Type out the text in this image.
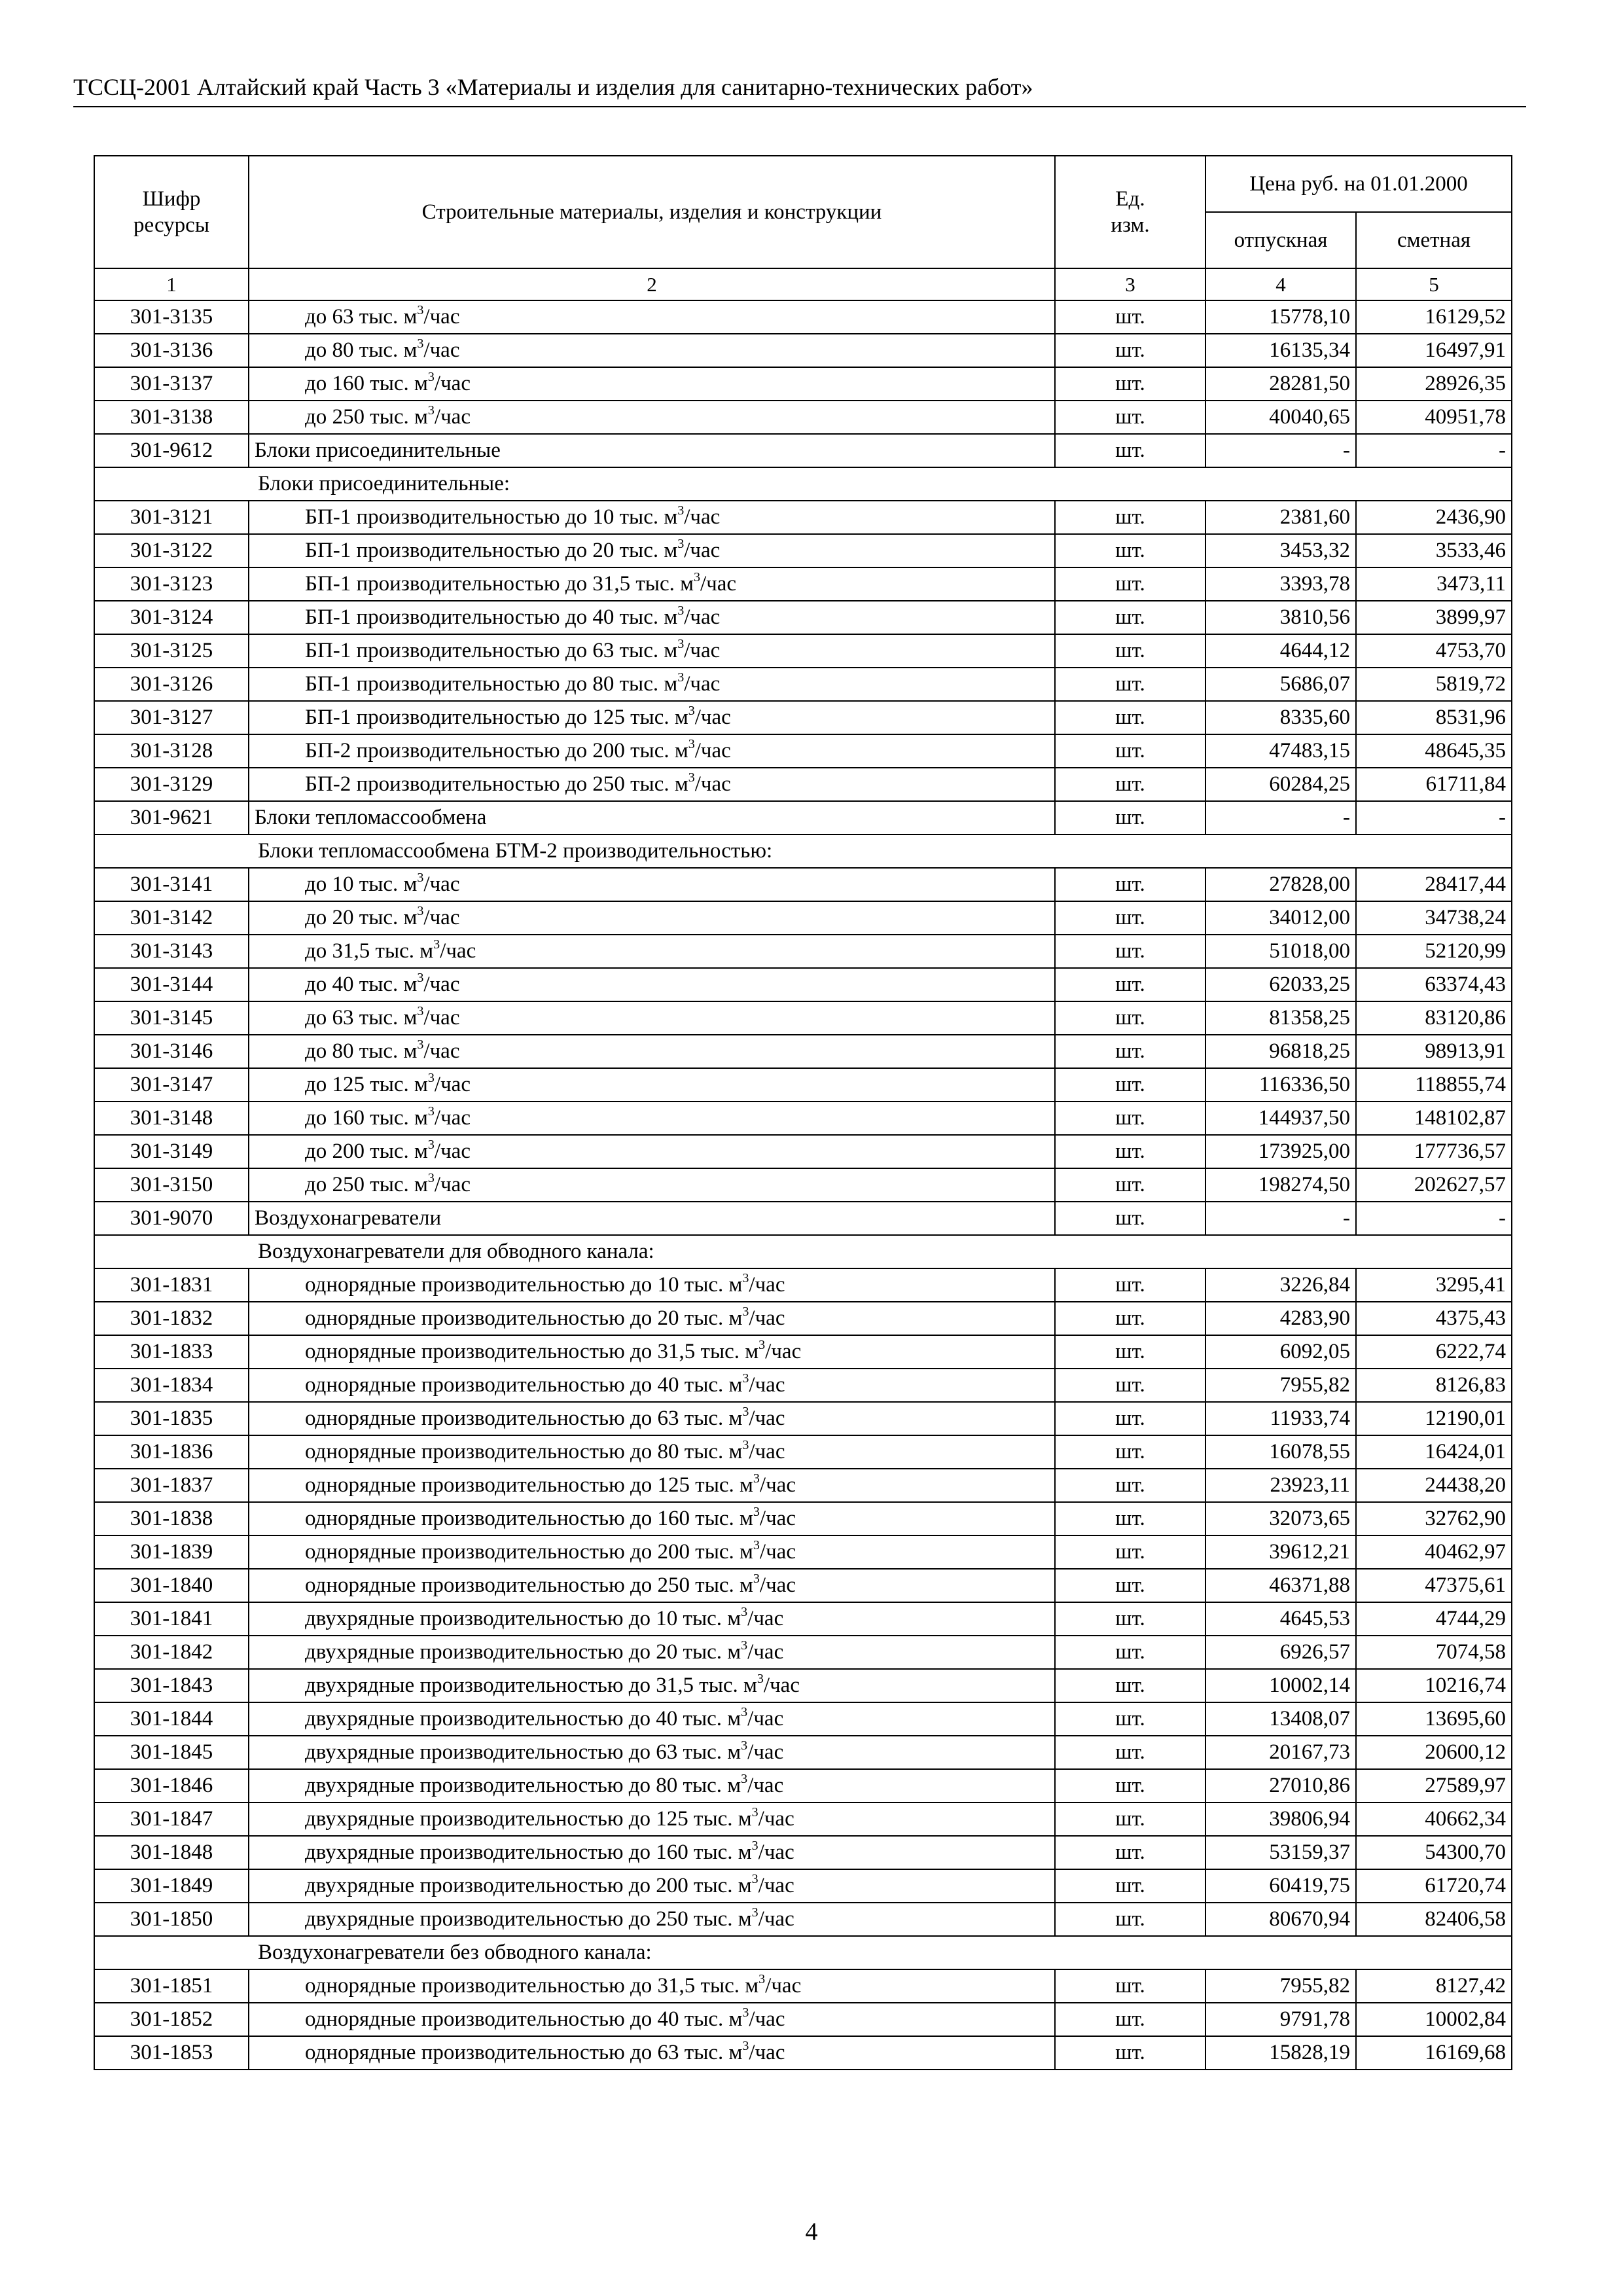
ТССЦ-2001 Алтайский край Часть 3 «Материалы и изделия для санитарно-технических работ»
Шифр ресурсы	Строительные материалы, изделия и конструкции	Ед. изм.	Цена руб. на 01.01.2000	
			отпускная	сметная
1	2	3	4	5
301-3135	до 63 тыс. $м^3$/час	шт.	15778,10	16129,52
301-3136	до 80 тыс. $м^3$/час	шт.	16135,34	16497,91
301-3137	до 160 тыс. $м^3$/час	шт.	28281,50	28926,35
301-3138	до 250 тыс. $м^3$/час	шт.	40040,65	40951,78
301-9612	Блоки присоединительные	шт.	-	-
	Блоки присоединительные:			
301-3121	БП-1 производительностью до 10 тыс. $м^3$/час	шт.	2381,60	2436,90
301-3122	БП-1 производительностью до 20 тыс. $м^3$/час	шт.	3453,32	3533,46
301-3123	БП-1 производительностью до 31,5 тыс. $м^3$/час	шт.	3393,78	3473,11
301-3124	БП-1 производительностью до 40 тыс. $м^3$/час	шт.	3810,56	3899,97
301-3125	БП-1 производительностью до 63 тыс. $м^3$/час	шт.	4644,12	4753,70
301-3126	БП-1 производительностью до 80 тыс. $м^3$/час	шт.	5686,07	5819,72
301-3127	БП-1 производительностью до 125 тыс. $м^3$/час	шт.	8335,60	8531,96
301-3128	БП-2 производительностью до 200 тыс. $м^3$/час	шт.	47483,15	48645,35
301-3129	БП-2 производительностью до 250 тыс. $м^3$/час	шт.	60284,25	61711,84
301-9621	Блоки тепломассообмена	шт.	-	-
	Блоки тепломассообмена БТМ-2 производительностью:			
301-3141	до 10 тыс. $м^3$/час	шт.	27828,00	28417,44
301-3142	до 20 тыс. $м^3$/час	шт.	34012,00	34738,24
301-3143	до 31,5 тыс. $м^3$/час	шт.	51018,00	52120,99
301-3144	до 40 тыс. $м^3$/час	шт.	62033,25	63374,43
301-3145	до 63 тыс. $м^3$/час	шт.	81358,25	83120,86
301-3146	до 80 тыс. $м^3$/час	шт.	96818,25	98913,91
301-3147	до 125 тыс. $м^3$/час	шт.	116336,50	118855,74
301-3148	до 160 тыс. $м^3$/час	шт.	144937,50	148102,87
301-3149	до 200 тыс. $м^3$/час	шт.	173925,00	177736,57
301-3150	до 250 тыс. $м^3$/час	шт.	198274,50	202627,57
301-9070	Воздухонагреватели	шт.	-	-
	Воздухонагреватели для обводного канала:			
301-1831	однорядные производительностью до 10 тыс. $м^3$/час	шт.	3226,84	3295,41
301-1832	однорядные производительностью до 20 тыс. $м^3$/час	шт.	4283,90	4375,43
301-1833	однорядные производительностью до 31,5 тыс. $м^3$/час	шт.	6092,05	6222,74
301-1834	однорядные производительностью до 40 тыс. $м^3$/час	шт.	7955,82	8126,83
301-1835	однорядные производительностью до 63 тыс. $м^3$/час	шт.	11933,74	12190,01
301-1836	однорядные производительностью до 80 тыс. $м^3$/час	шт.	16078,55	16424,01
301-1837	однорядные производительностью до 125 тыс. $м^3$/час	шт.	23923,11	24438,20
301-1838	однорядные производительностью до 160 тыс. $м^3$/час	шт.	32073,65	32762,90
301-1839	однорядные производительностью до 200 тыс. $м^3$/час	шт.	39612,21	40462,97
301-1840	однорядные производительностью до 250 тыс. $м^3$/час	шт.	46371,88	47375,61
301-1841	двухрядные производительностью до 10 тыс. $м^3$/час	шт.	4645,53	4744,29
301-1842	двухрядные производительностью до 20 тыс. $м^3$/час	шт.	6926,57	7074,58
301-1843	двухрядные производительностью до 31,5 тыс. $м^3$/час	шт.	10002,14	10216,74
301-1844	двухрядные производительностью до 40 тыс. $м^3$/час	шт.	13408,07	13695,60
301-1845	двухрядные производительностью до 63 тыс. $м^3$/час	шт.	20167,73	20600,12
301-1846	двухрядные производительностью до 80 тыс. $м^3$/час	шт.	27010,86	27589,97
301-1847	двухрядные производительностью до 125 тыс. $м^3$/час	шт.	39806,94	40662,34
301-1848	двухрядные производительностью до 160 тыс. $м^3$/час	шт.	53159,37	54300,70
301-1849	двухрядные производительностью до 200 тыс. $м^3$/час	шт.	60419,75	61720,74
301-1850	двухрядные производительностью до 250 тыс. $м^3$/час	шт.	80670,94	82406,58
	Воздухонагреватели без обводного канала:			
301-1851	однорядные производительностью до 31,5 тыс. $м^3$/час	шт.	7955,82	8127,42
301-1852	однорядные производительностью до 40 тыс. $м^3$/час	шт.	9791,78	10002,84
301-1853	однорядные производительностью до 63 тыс. $м^3$/час	шт.	15828,19	16169,68
4
